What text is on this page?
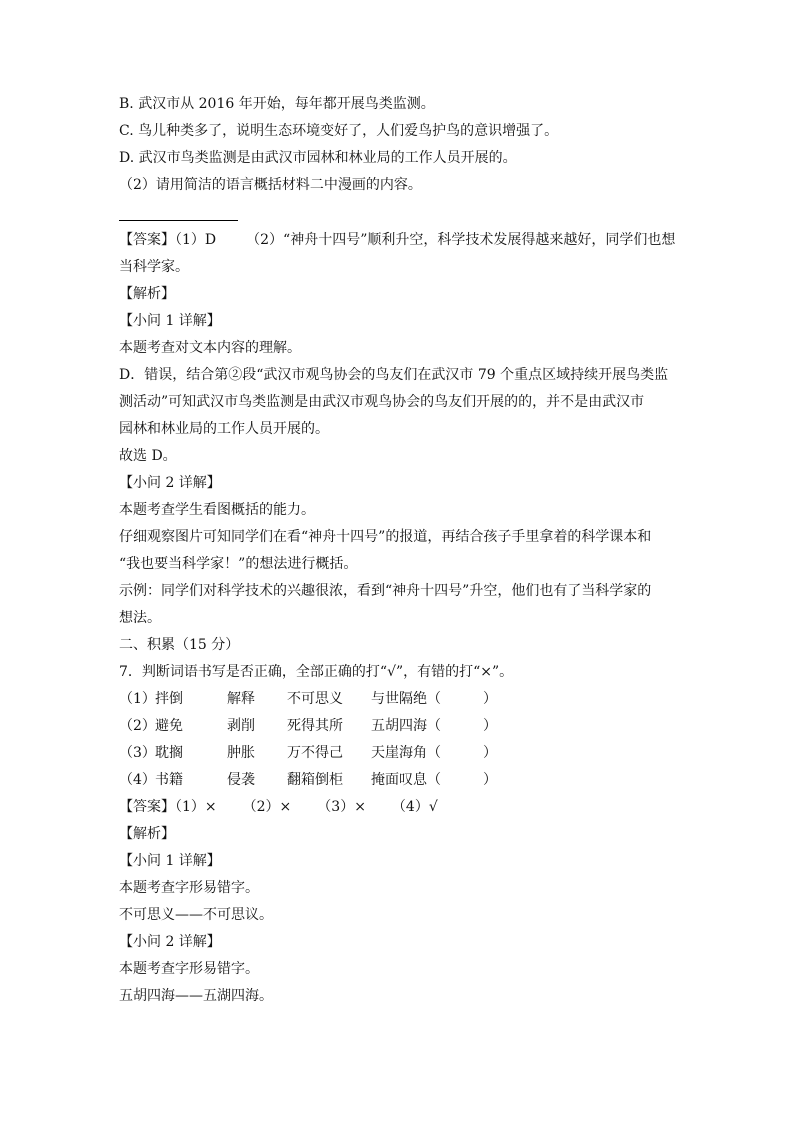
B. 武汉市从 2016 年开始，每年都开展鸟类监测。
C. 鸟儿种类多了，说明生态环境变好了，人们爱鸟护鸟的意识增强了。
D. 武汉市鸟类监测是由武汉市园林和林业局的工作人员开展的。
（2）请用简洁的语言概括材料二中漫画的内容。
【答案】（1）D （2）“神舟十四号”顺利升空，科学技术发展得越来越好，同学们也想
当科学家。
【解析】
【小问 1 详解】
本题考查对文本内容的理解。
D．错误，结合第②段“武汉市观鸟协会的鸟友们在武汉市 79 个重点区域持续开展鸟类监
测活动”可知武汉市鸟类监测是由武汉市观鸟协会的鸟友们开展的的，并不是由武汉市
园林和林业局的工作人员开展的。
故选 D。
【小问 2 详解】
本题考查学生看图概括的能力。
仔细观察图片可知同学们在看“神舟十四号”的报道，再结合孩子手里拿着的科学课本和
“我也要当科学家！”的想法进行概括。
示例：同学们对科学技术的兴趣很浓，看到“神舟十四号”升空，他们也有了当科学家的
想法。
二、积累（15 分）
7．判断词语书写是否正确，全部正确的打“√”，有错的打“×”。
（1）拌倒	解释 不可思义 与世隔绝（　　　）
（2）避免	剥削 死得其所 五胡四海（　　　）
（3）耽搁	肿胀 万不得己 天崖海角（　　　）
（4）书籍	侵袭 翻箱倒柜 掩面叹息（　　　）
【答案】（1）× （2）× （3）× （4）√
【解析】
【小问 1 详解】
本题考查字形易错字。
不可思义——不可思议。
【小问 2 详解】
本题考查字形易错字。
五胡四海——五湖四海。
